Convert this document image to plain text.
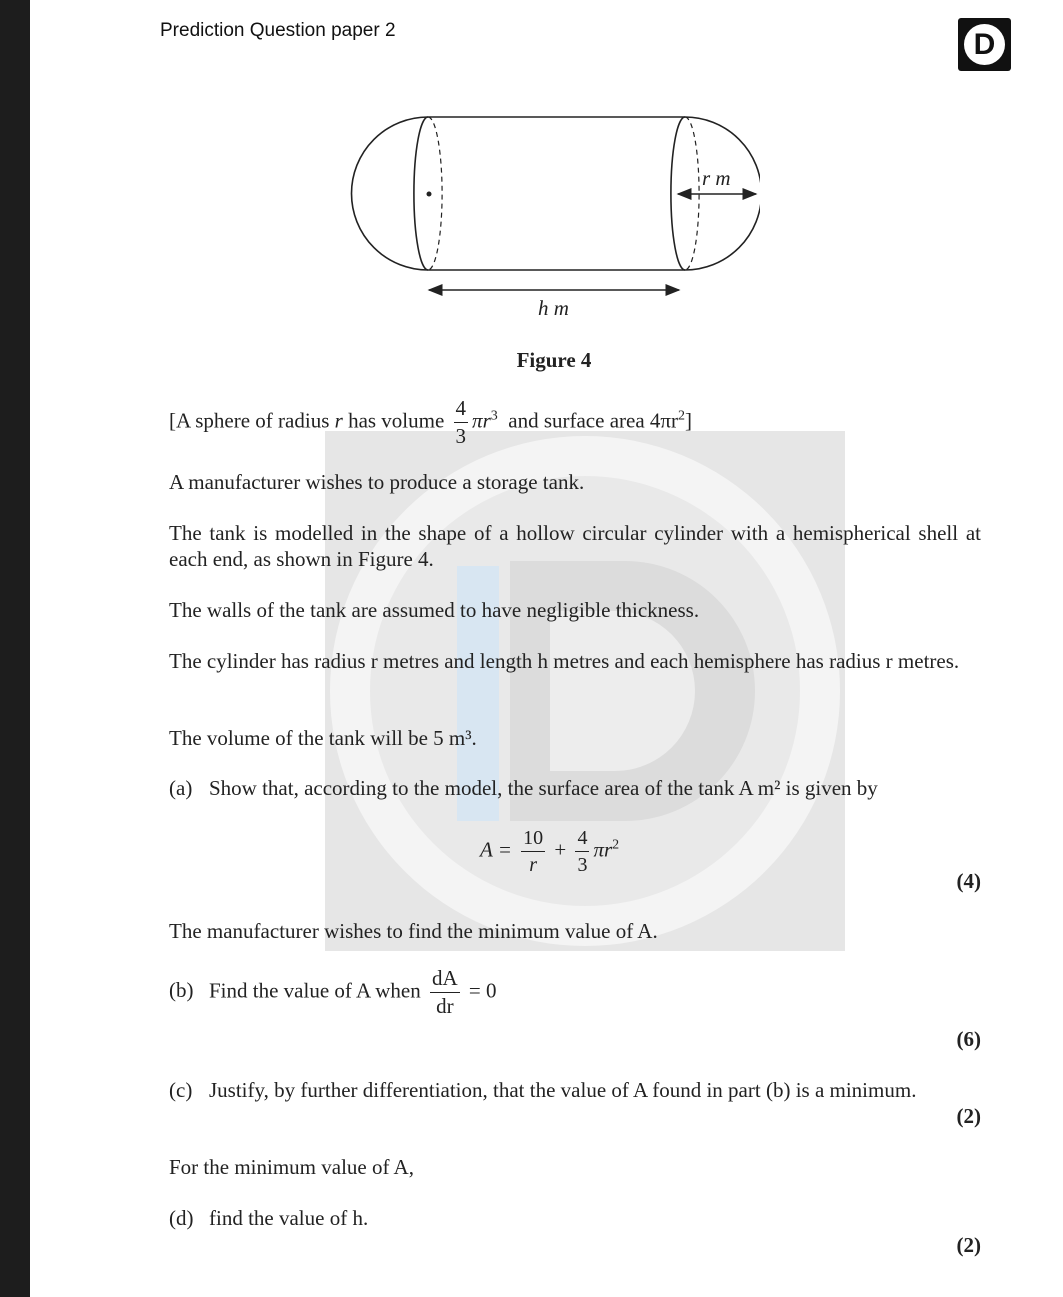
Prediction Question paper 2	D
r m
h m
Figure 4
[A sphere of radius r has volume $\frac{4}{3} \pi r^3$ and surface area $4\pi r^2$]
A manufacturer wishes to produce a storage tank.
The tank is modelled in the shape of a hollow circular cylinder with a hemispherical shell at each end, as shown in Figure 4.
The walls of the tank are assumed to have negligible thickness.
The cylinder has radius r metres and length h metres and each hemisphere has radius r metres.
The volume of the tank will be 5 m³.
(a) Show that, according to the model, the surface area of the tank A m² is given by
$A = \frac{10}{r} + \frac{4}{3} \pi r^2$
(4)
The manufacturer wishes to find the minimum value of A.
(b) Find the value of A when $\frac{dA}{dr} = 0$
(6)
(c) Justify, by further differentiation, that the value of A found in part (b) is a minimum.
(2)
For the minimum value of A,
(d) find the value of h.
(2)
